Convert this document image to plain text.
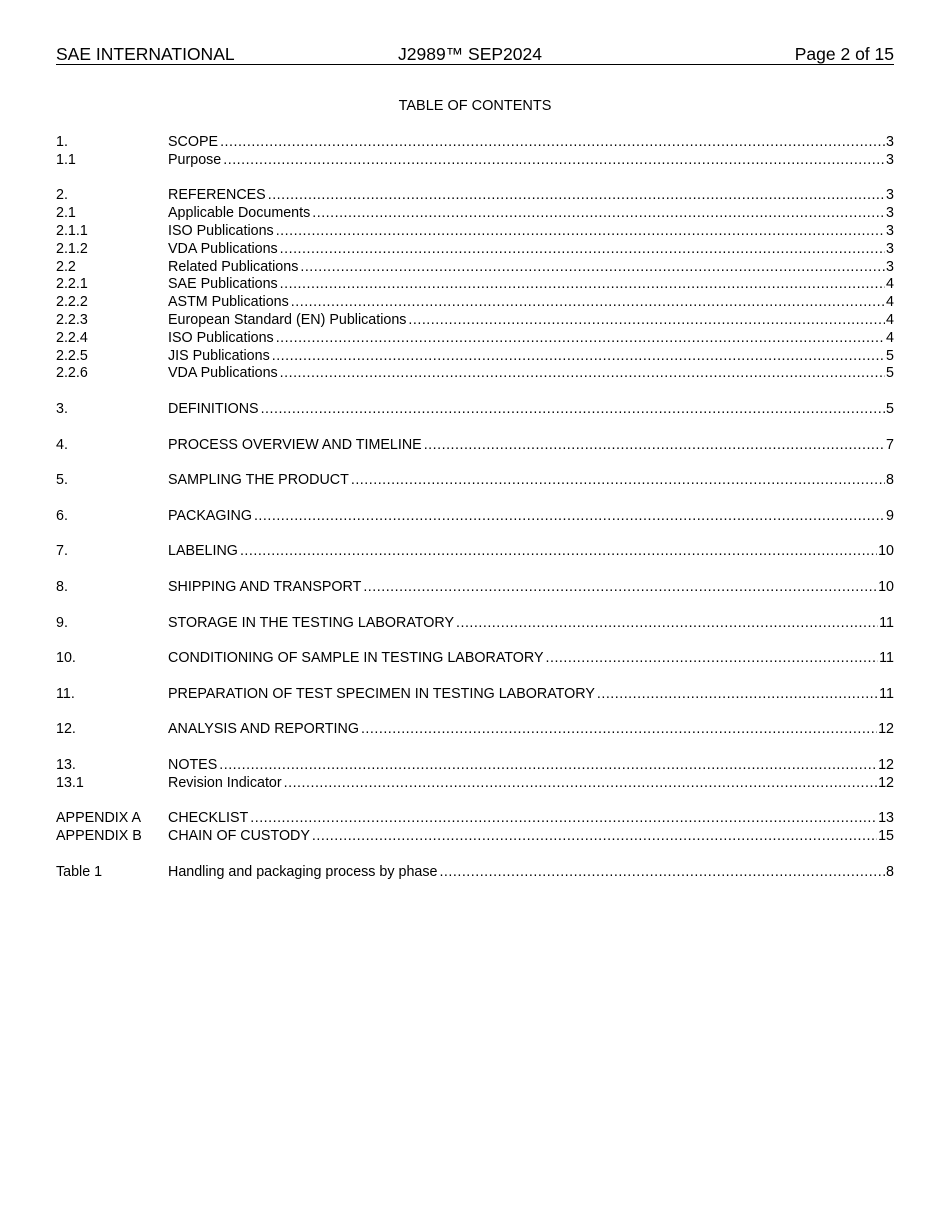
SAE INTERNATIONAL	J2989™ SEP2024	Page 2 of 15
TABLE OF CONTENTS
1.	SCOPE .....	3
1.1	Purpose .....	3
2.	REFERENCES .....	3
2.1	Applicable Documents .....	3
2.1.1	ISO Publications .....	3
2.1.2	VDA Publications .....	3
2.2	Related Publications .....	3
2.2.1	SAE Publications .....	4
2.2.2	ASTM Publications .....	4
2.2.3	European Standard (EN) Publications .....	4
2.2.4	ISO Publications .....	4
2.2.5	JIS Publications .....	5
2.2.6	VDA Publications .....	5
3.	DEFINITIONS .....	5
4.	PROCESS OVERVIEW AND TIMELINE .....	7
5.	SAMPLING THE PRODUCT .....	8
6.	PACKAGING .....	9
7.	LABELING .....	10
8.	SHIPPING AND TRANSPORT .....	10
9.	STORAGE IN THE TESTING LABORATORY .....	11
10.	CONDITIONING OF SAMPLE IN TESTING LABORATORY .....	11
11.	PREPARATION OF TEST SPECIMEN IN TESTING LABORATORY .....	11
12.	ANALYSIS AND REPORTING .....	12
13.	NOTES .....	12
13.1	Revision Indicator .....	12
APPENDIX A	CHECKLIST .....	13
APPENDIX B	CHAIN OF CUSTODY .....	15
Table 1	Handling and packaging process by phase .....	8
